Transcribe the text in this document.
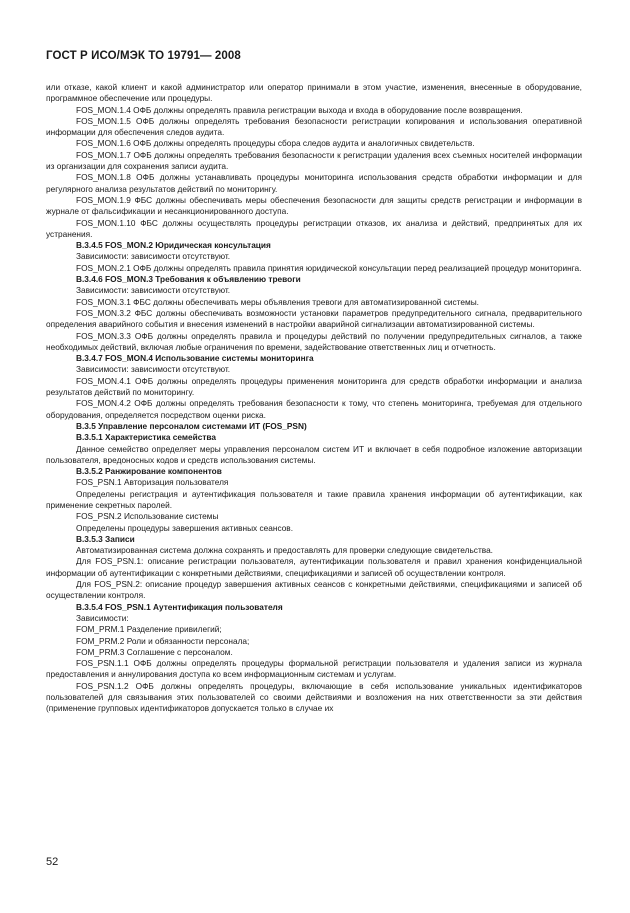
ГОСТ Р ИСО/МЭК ТО 19791— 2008

или отказе, какой клиент и какой администратор или оператор принимали в этом участие, изменения, внесенные в оборудование, программное обеспечение или процедуры.

FOS_MON.1.4 ОФБ должны определять правила регистрации выхода и входа в оборудование после возвращения.

FOS_MON.1.5 ОФБ должны определять требования безопасности регистрации копирования и использования оперативной информации для обеспечения следов аудита.

FOS_MON.1.6 ОФБ должны определять процедуры сбора следов аудита и аналогичных свидетельств.

FOS_MON.1.7 ОФБ должны определять требования безопасности к регистрации удаления всех съемных носителей информации из организации для сохранения записи аудита.

FOS_MON.1.8 ОФБ должны устанавливать процедуры мониторинга использования средств обработки информации и для регулярного анализа результатов действий по мониторингу.

FOS_MON.1.9 ФБС должны обеспечивать меры обеспечения безопасности для защиты средств регистрации и информации в журнале от фальсификации и несанкционированного доступа.

FOS_MON.1.10 ФБС должны осуществлять процедуры регистрации отказов, их анализа и действий, предпринятых для их устранения.

В.3.4.5 FOS_MON.2 Юридическая консультация

Зависимости: зависимости отсутствуют.

FOS_MON.2.1 ОФБ должны определять правила принятия юридической консультации перед реализацией процедур мониторинга.

В.3.4.6 FOS_MON.3 Требования к объявлению тревоги

Зависимости: зависимости отсутствуют.

FOS_MON.3.1 ФБС должны обеспечивать меры объявления тревоги для автоматизированной системы.

FOS_MON.3.2 ФБС должны обеспечивать возможности установки параметров предупредительного сигнала, предварительного определения аварийного события и внесения изменений в настройки аварийной сигнализации автоматизированной системы.

FOS_MON.3.3 ОФБ должны определять правила и процедуры действий по получении предупредительных сигналов, а также необходимых действий, включая любые ограничения по времени, задействование ответственных лиц и отчетность.

В.3.4.7 FOS_MON.4 Использование системы мониторинга

Зависимости: зависимости отсутствуют.

FOS_MON.4.1 ОФБ должны определять процедуры применения мониторинга для средств обработки информации и анализа результатов действий по мониторингу.

FOS_MON.4.2 ОФБ должны определять требования безопасности к тому, что степень мониторинга, требуемая для отдельного оборудования, определяется посредством оценки риска.

В.3.5 Управление персоналом системами ИТ (FOS_PSN)

В.3.5.1 Характеристика семейства

Данное семейство определяет меры управления персоналом систем ИТ и включает в себя подробное изложение авторизации пользователя, вредоносных кодов и средств использования системы.

В.3.5.2 Ранжирование компонентов

FOS_PSN.1 Авторизация пользователя

Определены регистрация и аутентификация пользователя и такие правила хранения информации об аутентификации, как применение секретных паролей.

FOS_PSN.2 Использование системы

Определены процедуры завершения активных сеансов.

В.3.5.3 Записи

Автоматизированная система должна сохранять и предоставлять для проверки следующие свидетельства.

Для FOS_PSN.1: описание регистрации пользователя, аутентификации пользователя и правил хранения конфиденциальной информации об аутентификации с конкретными действиями, спецификациями и записей об осуществлении контроля.

Для FOS_PSN.2: описание процедур завершения активных сеансов с конкретными действиями, спецификациями и записей об осуществлении контроля.

В.3.5.4 FOS_PSN.1 Аутентификация пользователя

Зависимости:

FOM_PRM.1 Разделение привилегий;

FOM_PRM.2 Роли и обязанности персонала;

FOM_PRM.3 Соглашение с персоналом.

FOS_PSN.1.1 ОФБ должны определять процедуры формальной регистрации пользователя и удаления записи из журнала предоставления и аннулирования доступа ко всем информационным системам и услугам.

FOS_PSN.1.2 ОФБ должны определять процедуры, включающие в себя использование уникальных идентификаторов пользователей для связывания этих пользователей со своими действиями и возложения на них ответственности за эти действия (применение групповых идентификаторов допускается только в случае их

52
